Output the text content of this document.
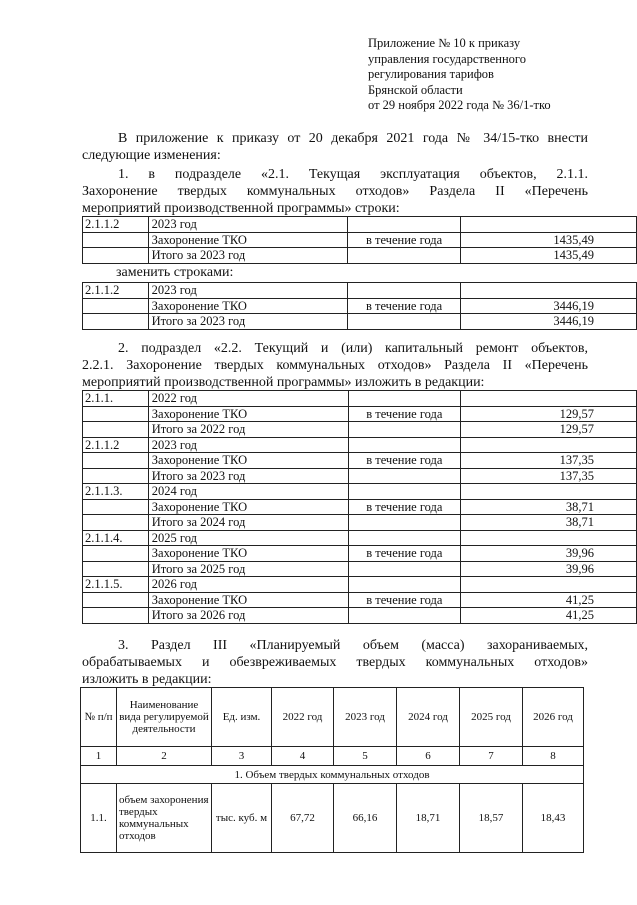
Приложение № 10 к приказу
управления государственного
регулирования тарифов
Брянской области
от 29 ноября 2022 года № 36/1-тко
В приложение к приказу от 20 декабря 2021 года № 34/15-тко внести
следующие изменения:
1. в подразделе «2.1. Текущая эксплуатация объектов, 2.1.1.
Захоронение твердых коммунальных отходов» Раздела II «Перечень
мероприятий производственной программы» строки:
2.1.1.2	2023 год		
	Захоронение ТКО	в течение года	1435,49
	Итого за 2023 год		1435,49
заменить строками:
2.1.1.2	2023 год		
	Захоронение ТКО	в течение года	3446,19
	Итого за 2023 год		3446,19
2. подраздел «2.2. Текущий и (или) капитальный ремонт объектов,
2.2.1. Захоронение твердых коммунальных отходов» Раздела II «Перечень
мероприятий производственной программы» изложить в редакции:
2.1.1.	2022 год		
	Захоронение ТКО	в течение года	129,57
	Итого за 2022 год		129,57
2.1.1.2	2023 год		
	Захоронение ТКО	в течение года	137,35
	Итого за 2023 год		137,35
2.1.1.3.	2024 год		
	Захоронение ТКО	в течение года	38,71
	Итого за 2024 год		38,71
2.1.1.4.	2025 год		
	Захоронение ТКО	в течение года	39,96
	Итого за 2025 год		39,96
2.1.1.5.	2026 год		
	Захоронение ТКО	в течение года	41,25
	Итого за 2026 год		41,25
3. Раздел III «Планируемый объем (масса) захораниваемых,
обрабатываемых и обезвреживаемых твердых коммунальных отходов»
изложить в редакции:
№ п/п	Наименование вида регулируемой деятельности	Ед. изм.	2022 год	2023 год	2024 год	2025 год	2026 год
1	2	3	4	5	6	7	8
1. Объем твердых коммунальных отходов							
1.1.	объем захоронения твердых коммунальных отходов	тыс. куб. м	67,72	66,16	18,71	18,57	18,43
